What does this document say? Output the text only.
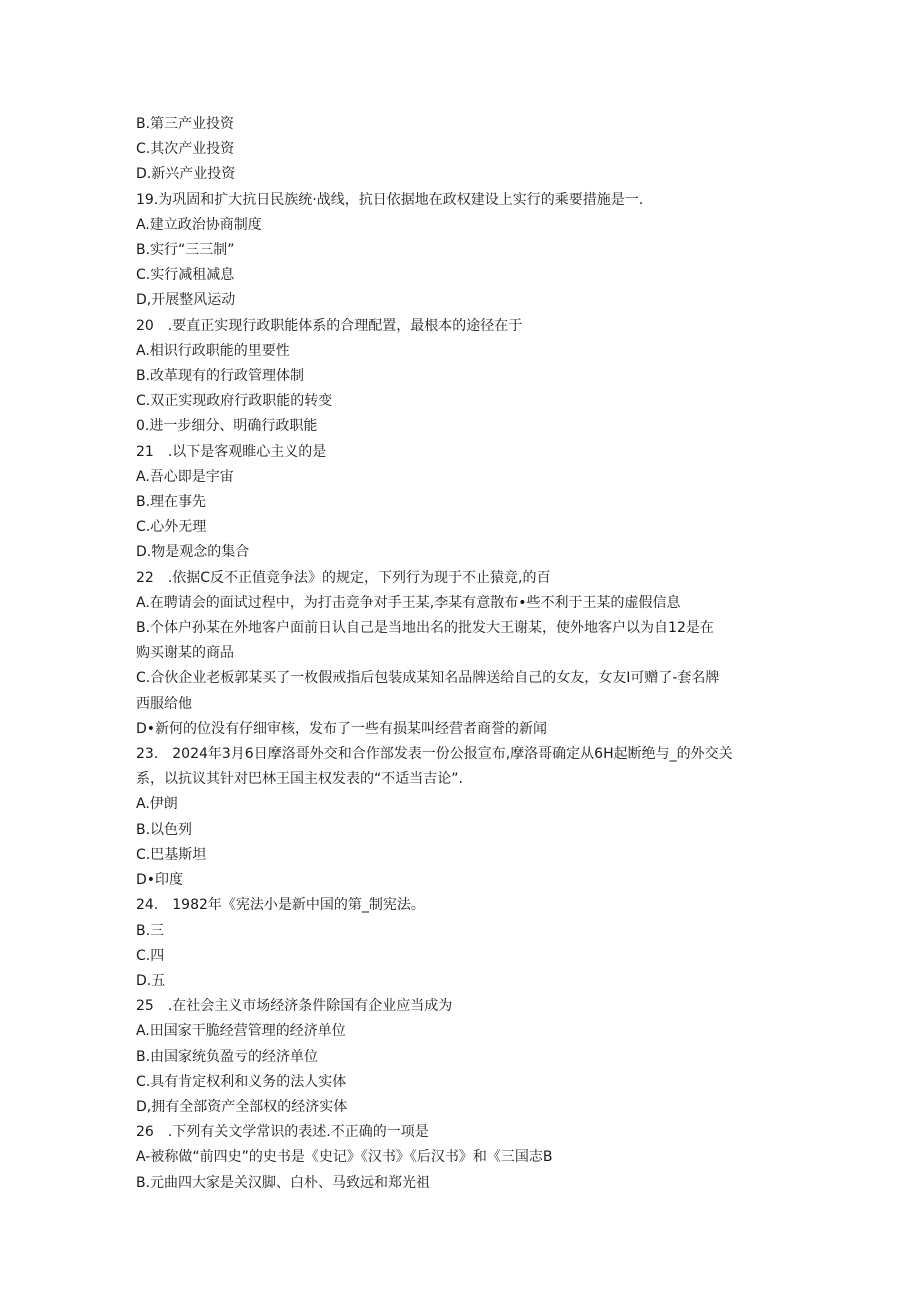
B.第三产业投资
C.其次产业投资
D.新兴产业投资
19.为巩固和扩大抗日民族统·战线，抗日依据地在政权建设上实行的乘要措施是一.
A.建立政治协商制度
B.实行“三三制”
C.实行减租减息
D,开展整风运动
20　.要直正实现行政职能体系的合理配置，最根本的途径在于
A.相识行政职能的里要性
B.改革现有的行政管理体制
C.双正实现政府行政职能的转变
0.进一步细分、明确行政职能
21　.以下是客观睢心主义的是
A.吾心即是宇宙
B.理在事先
C.心外无理
D.物是观念的集合
22　.依据C反不正值竞争法》的规定，下列行为现于不止猿竞,的百
A.在聘请会的面试过程中，为打击竞争对手王某,李某有意散布•些不利于王某的虚假信息
B.个体户孙某在外地客户面前日认自己是当地出名的批发大王谢某，使外地客户以为自12是在
购买谢某的商品
C.合伙企业老板郭某买了一枚假戒指后包装成某知名品牌送给自己的女友，女友I可赠了-套名牌
西服给他
D•新何的位没有仔细审核，发布了一些有损某叫经营者商誉的新闻
23.　2024年3月6日摩洛哥外交和合作部发表一份公报宣布,摩洛哥确定从6H起断绝与_的外交关
系，以抗议其针对巴林王国主权发表的“不适当吉论”.
A.伊朗
B.以色列
C.巴基斯坦
D•印度
24.　1982年《宪法小是新中国的第_制宪法。
B.三
C.四
D.五
25　.在社会主义市场经济条件除国有企业应当成为
A.田国家干脆经营管理的经济单位
B.由国家统负盈亏的经济单位
C.具有肯定权利和义务的法人实体
D,拥有全部资产全部权的经济实体
26　.下列有关文学常识的表述.不正确的一项是
A-被称做“前四史”的史书是《史记》《汉书》《后汉书》和《三国志B
B.元曲四大家是关汉脚、白朴、马致远和郑光祖
